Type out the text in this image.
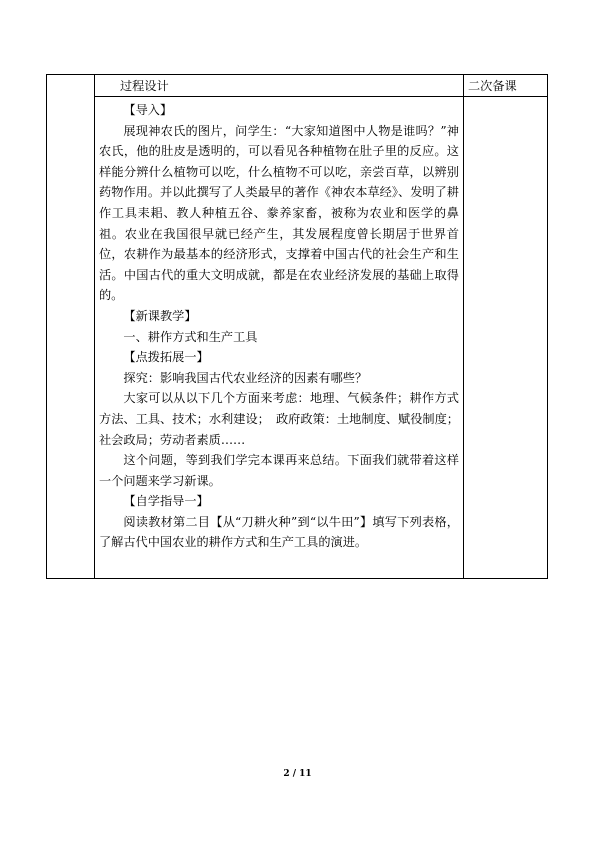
过程设计

【导入】

展现神农氏的图片，问学生：“大家知道图中人物是谁吗？”神农氏，他的肚皮是透明的，可以看见各种植物在肚子里的反应。这样能分辨什么植物可以吃，什么植物不可以吃，亲尝百草，以辨别药物作用。并以此撰写了人类最早的著作《神农本草经》、发明了耕作工具耒耜、教人种植五谷、豢养家畜，被称为农业和医学的鼻祖。农业在我国很早就已经产生，其发展程度曾长期居于世界首位，农耕作为最基本的经济形式，支撑着中国古代的社会生产和生活。中国古代的重大文明成就，都是在农业经济发展的基础上取得的。

【新课教学】

一、耕作方式和生产工具

【点拨拓展一】

探究：影响我国古代农业经济的因素有哪些？

大家可以从以下几个方面来考虑：地理、气候条件；耕作方式方法、工具、技术；水利建设；　政府政策：土地制度、赋役制度；社会政局；劳动者素质……

这个问题，等到我们学完本课再来总结。下面我们就带着这样一个问题来学习新课。

【自学指导一】

阅读教材第二目【从“刀耕火种”到“以牛田”】填写下列表格，了解古代中国农业的耕作方式和生产工具的演进。

二次备课
2 / 11
